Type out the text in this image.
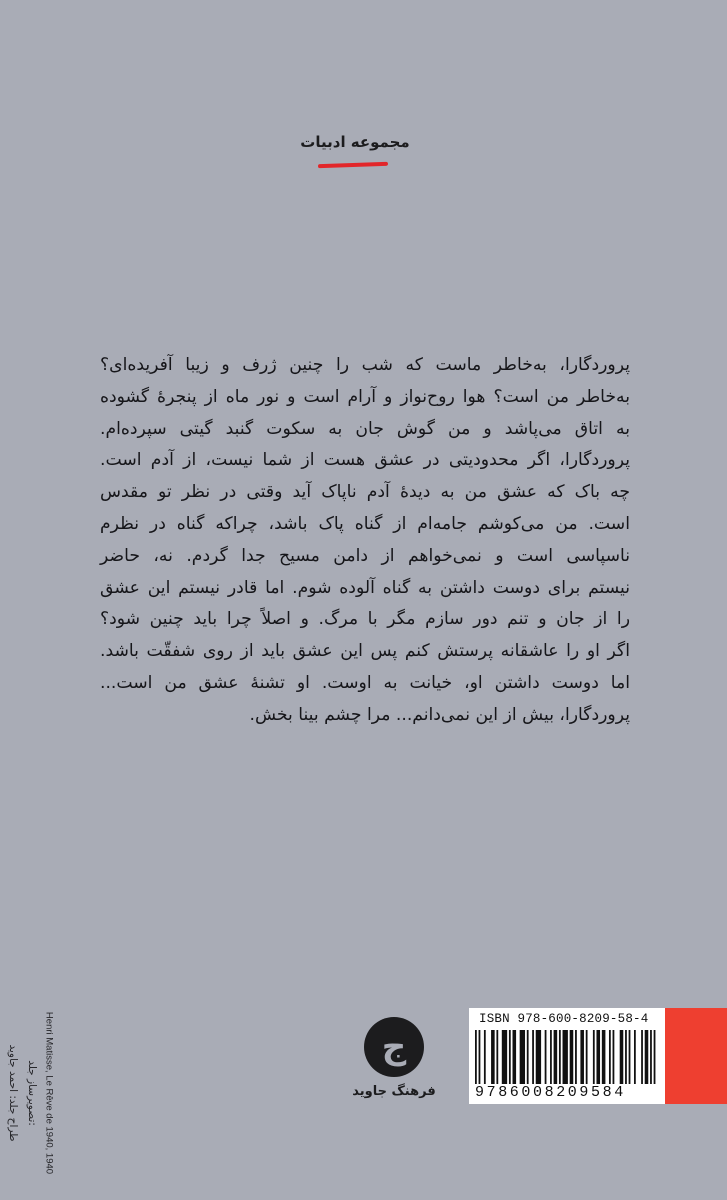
مجموعه ادبیات
پروردگارا، به‌خاطر ماست که شب را چنین ژرف و زیبا آفریده‌ای؟
به‌خاطر من است؟ هوا روح‌نواز و آرام است و نور ماه از پنجرهٔ گشوده
به اتاق می‌پاشد و من گوش جان به سکوت گنبد گیتی سپرده‌ام.
پروردگارا، اگر محدودیتی در عشق هست از شما نیست، از آدم است.
چه باک که عشق من به دیدهٔ آدم ناپاک آید وقتی در نظر تو مقدس
است. من می‌کوشم جامه‌ام از گناه پاک باشد، چراکه گناه در نظرم
ناسپاسی است و نمی‌خواهم از دامن مسیح جدا گردم. نه، حاضر
نیستم برای دوست داشتن به گناه آلوده شوم. اما قادر نیستم این عشق
را از جان و تنم دور سازم مگر با مرگ. و اصلاً چرا باید چنین شود؟
اگر او را عاشقانه پرستش کنم پس این عشق باید از روی شفقّت باشد.
اما دوست داشتن او، خیانت به اوست. او تشنهٔ عشق من است...
پروردگارا، بیش از این نمی‌دانم... مرا چشم بینا بخش.
طراح جلد: احمد جاوید تصویرساز جلد: Henri Matisse, Le Rêve de 1940, 1940	ج
فرهنگ جاوید
ISBN 978-600-8209-58-4
9786008209584
